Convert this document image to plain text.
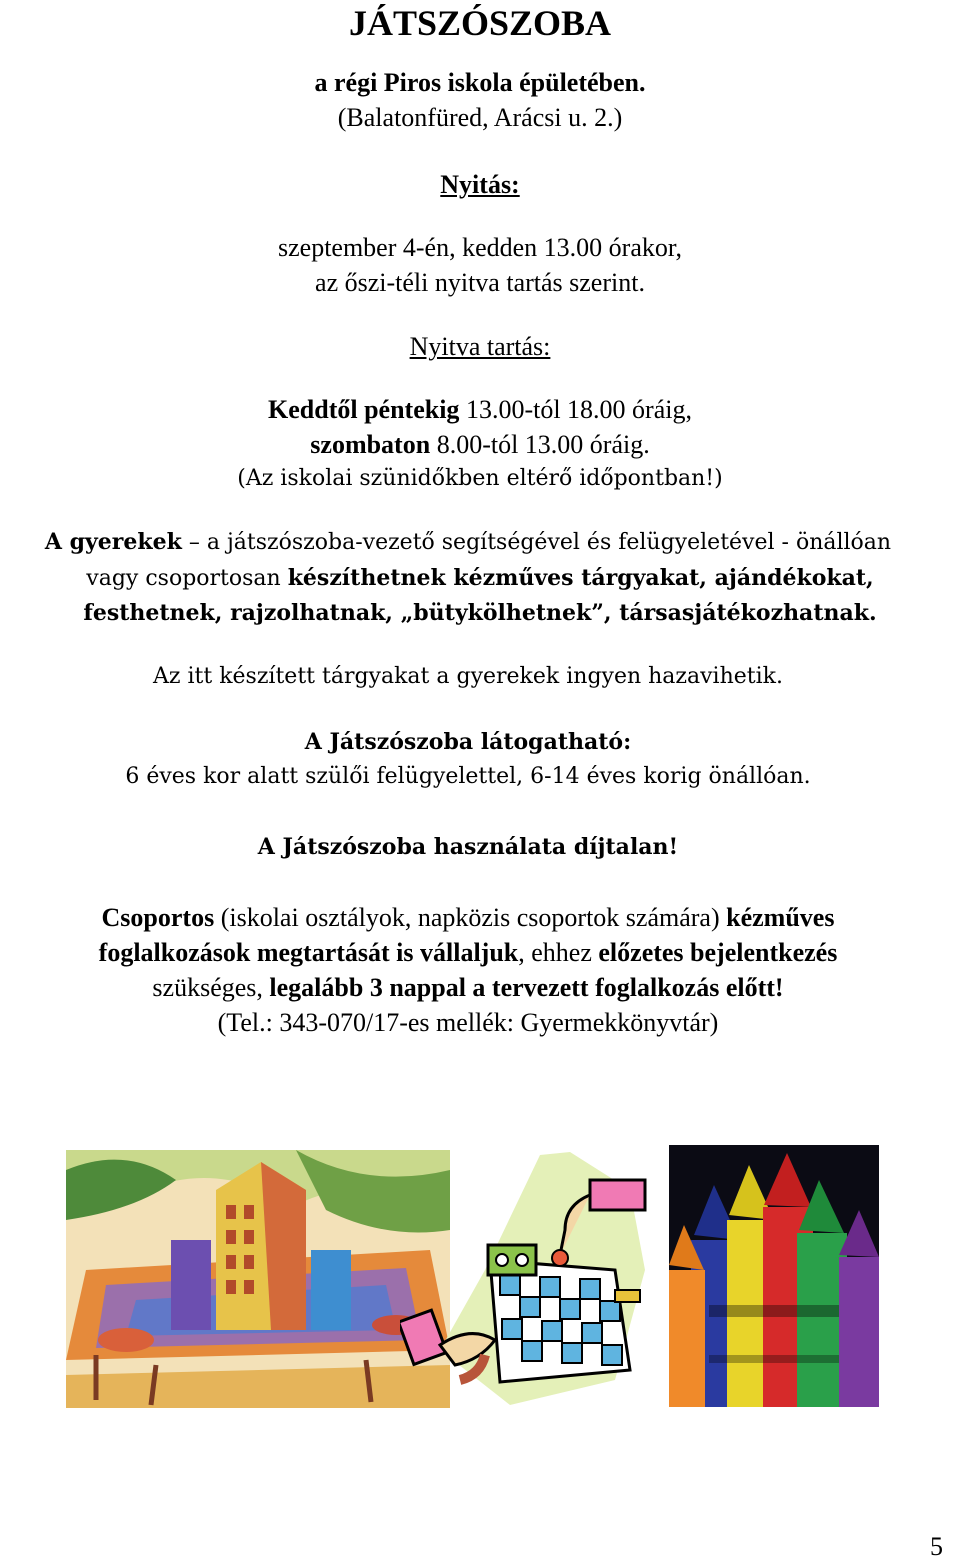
JÁTSZÓSZOBA
a régi Piros iskola épületében.
(Balatonfüred, Arácsi u. 2.)
Nyitás:
szeptember 4-én, kedden 13.00 órakor,
az őszi-téli nyitva tartás szerint.
Nyitva tartás:
Keddtől péntekig 13.00-tól 18.00 óráig,
szombaton 8.00-tól 13.00 óráig.
(Az iskolai szünidőkben eltérő időpontban!)
A gyerekek – a játszószoba-vezető segítségével és felügyeletével - önállóan
vagy csoportosan készíthetnek kézműves tárgyakat, ajándékokat,
festhetnek, rajzolhatnak, „bütykölhetnek”, társasjátékozhatnak.
Az itt készített tárgyakat a gyerekek ingyen hazavihetik.
A Játszószoba látogatható:
6 éves kor alatt szülői felügyelettel, 6-14 éves korig önállóan.
A Játszószoba használata díjtalan!
Csoportos (iskolai osztályok, napközis csoportok számára) kézműves
foglalkozások megtartását is vállaljuk, ehhez előzetes bejelentkezés
szükséges, legalább 3 nappal a tervezett foglalkozás előtt!
(Tel.: 343-070/17-es mellék: Gyermekkönyvtár)
5
